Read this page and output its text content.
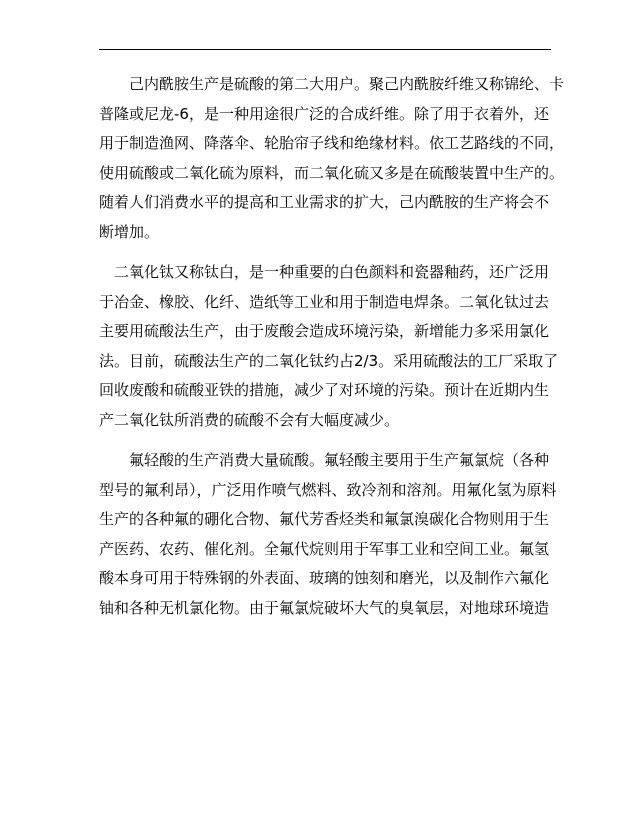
　　己内酰胺生产是硫酸的第二大用户。聚己内酰胺纤维又称锦纶、卡

普隆或尼龙-6，是一种用途很广泛的合成纤维。除了用于衣着外，还

用于制造渔网、降落伞、轮胎帘子线和绝缘材料。依工艺路线的不同，

使用硫酸或二氧化硫为原料，而二氧化硫又多是在硫酸装置中生产的。

随着人们消费水平的提高和工业需求的扩大，己内酰胺的生产将会不

断增加。

　二氧化钛又称钛白，是一种重要的白色颜料和瓷器釉药，还广泛用

于冶金、橡胶、化纤、造纸等工业和用于制造电焊条。二氧化钛过去

主要用硫酸法生产，由于废酸会造成环境污染，新增能力多采用氯化

法。目前，硫酸法生产的二氧化钛约占2/3。采用硫酸法的工厂采取了

回收废酸和硫酸亚铁的措施，减少了对环境的污染。预计在近期内生

产二氧化钛所消费的硫酸不会有大幅度减少。

　　氟轻酸的生产消费大量硫酸。氟轻酸主要用于生产氟氯烷（各种

型号的氟利昂），广泛用作喷气燃料、致冷剂和溶剂。用氟化氢为原料

生产的各种氟的硼化合物、氟代芳香烃类和氟氯溴碳化合物则用于生

产医药、农药、催化剂。全氟代烷则用于军事工业和空间工业。氟氢

酸本身可用于特殊钢的外表面、玻璃的蚀刻和磨光，以及制作六氟化

铀和各种无机氯化物。由于氟氯烷破坏大气的臭氧层，对地球环境造
